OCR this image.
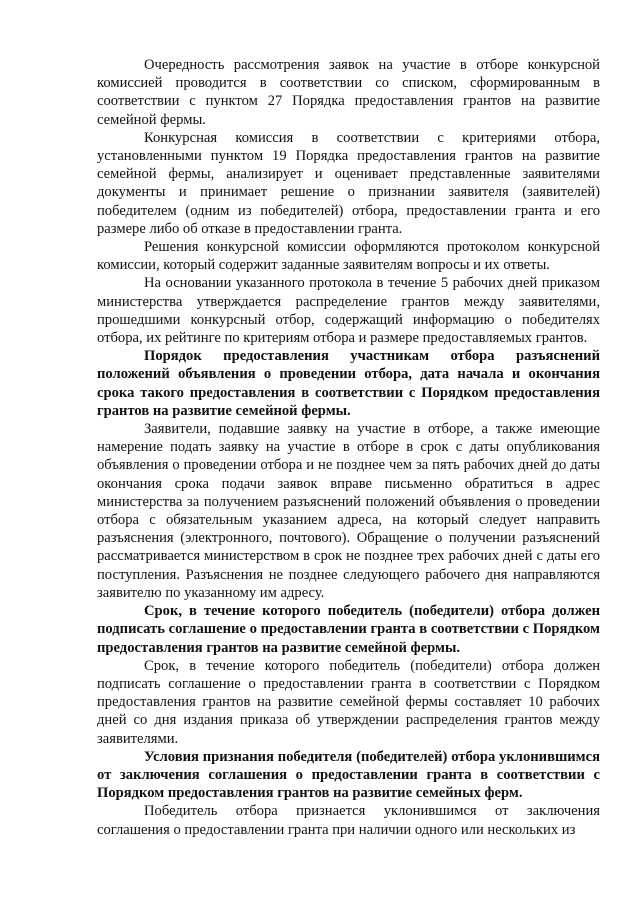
Очередность рассмотрения заявок на участие в отборе конкурсной комиссией проводится в соответствии со списком, сформированным в соответствии с пунктом 27 Порядка предоставления грантов на развитие семейной фермы.

Конкурсная комиссия в соответствии с критериями отбора, установленными пунктом 19 Порядка предоставления грантов на развитие семейной фермы, анализирует и оценивает представленные заявителями документы и принимает решение о признании заявителя (заявителей) победителем (одним из победителей) отбора, предоставлении гранта и его размере либо об отказе в предоставлении гранта.

Решения конкурсной комиссии оформляются протоколом конкурсной комиссии, который содержит заданные заявителям вопросы и их ответы.

На основании указанного протокола в течение 5 рабочих дней приказом министерства утверждается распределение грантов между заявителями, прошедшими конкурсный отбор, содержащий информацию о победителях отбора, их рейтинге по критериям отбора и размере предоставляемых грантов.

Порядок предоставления участникам отбора разъяснений положений объявления о проведении отбора, дата начала и окончания срока такого предоставления в соответствии с Порядком предоставления грантов на развитие семейной фермы.

Заявители, подавшие заявку на участие в отборе, а также имеющие намерение подать заявку на участие в отборе в срок с даты опубликования объявления о проведении отбора и не позднее чем за пять рабочих дней до даты окончания срока подачи заявок вправе письменно обратиться в адрес министерства за получением разъяснений положений объявления о проведении отбора с обязательным указанием адреса, на который следует направить разъяснения (электронного, почтового). Обращение о получении разъяснений рассматривается министерством в срок не позднее трех рабочих дней с даты его поступления. Разъяснения не позднее следующего рабочего дня направляются заявителю по указанному им адресу.

Срок, в течение которого победитель (победители) отбора должен подписать соглашение о предоставлении гранта в соответствии с Порядком предоставления грантов на развитие семейной фермы.

Срок, в течение которого победитель (победители) отбора должен подписать соглашение о предоставлении гранта в соответствии с Порядком предоставления грантов на развитие семейной фермы составляет 10 рабочих дней со дня издания приказа об утверждении распределения грантов между заявителями.

Условия признания победителя (победителей) отбора уклонившимся от заключения соглашения о предоставлении гранта в соответствии с Порядком предоставления грантов на развитие семейных ферм.

Победитель отбора признается уклонившимся от заключения соглашения о предоставлении гранта при наличии одного или нескольких из
